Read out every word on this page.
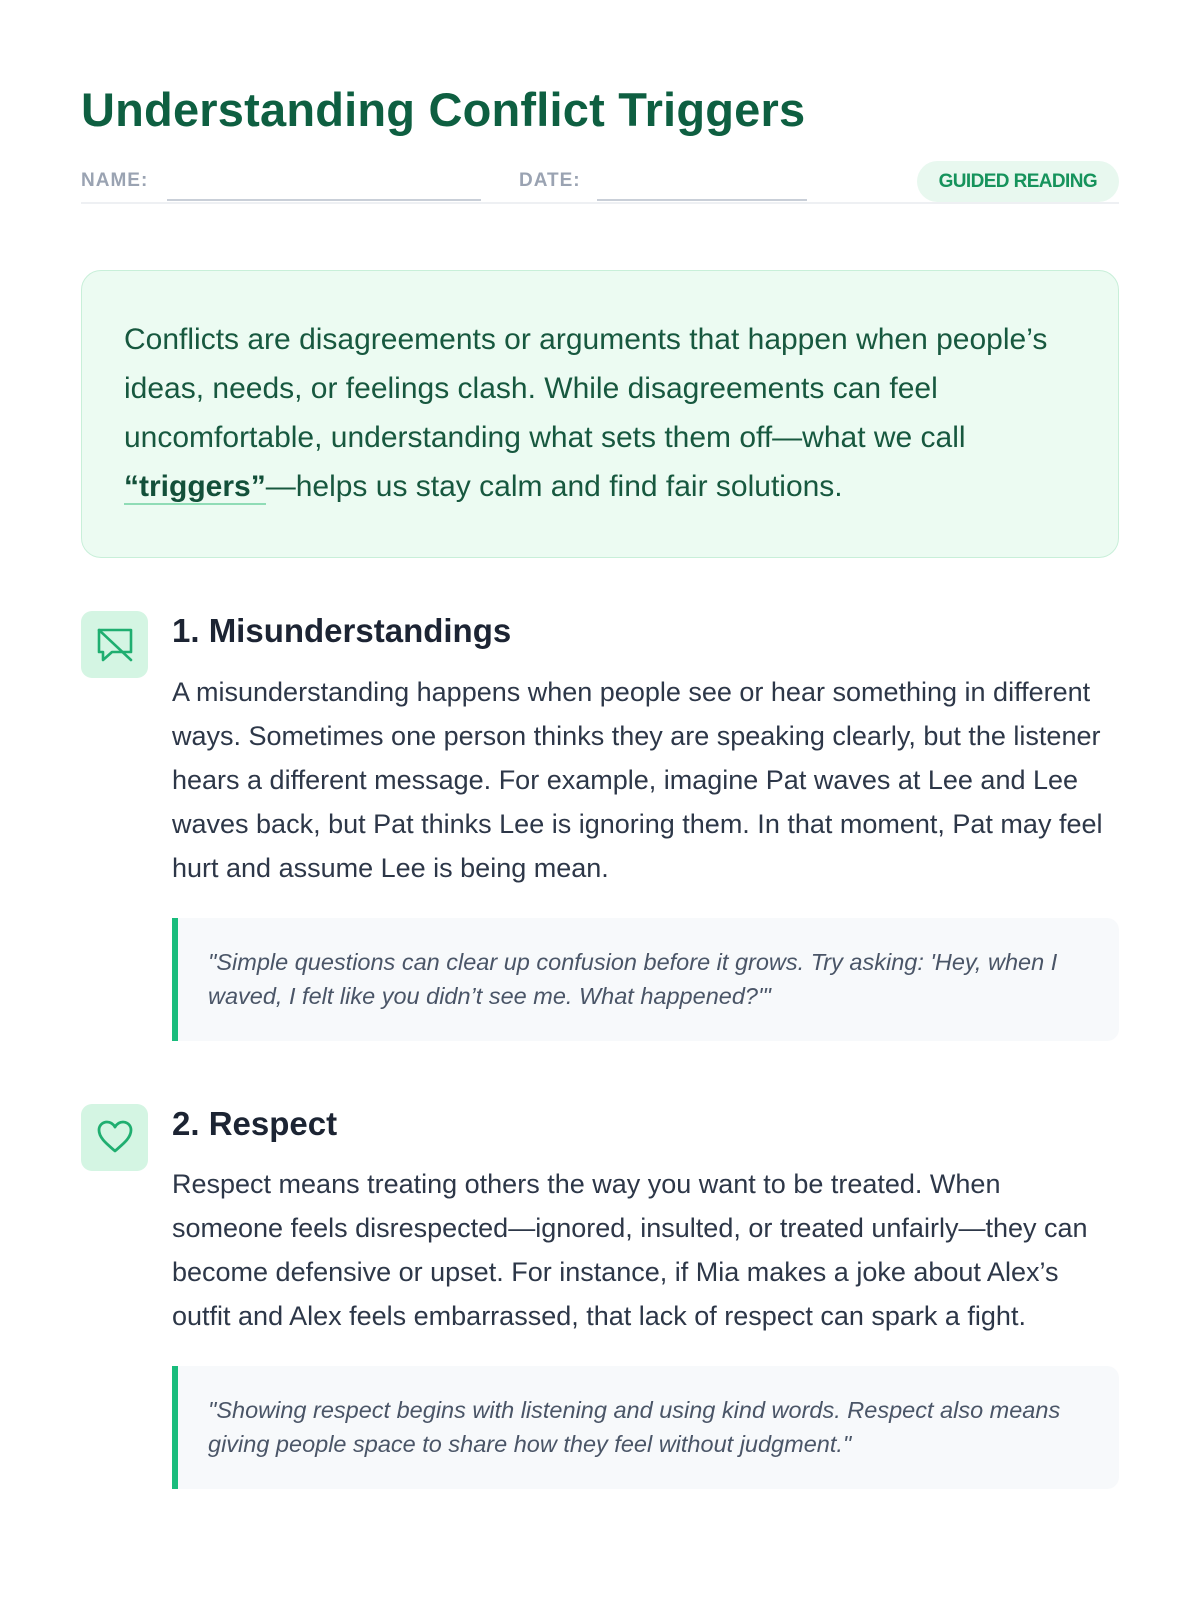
Understanding Conflict Triggers
NAME:	DATE:	GUIDED READING
Conflicts are disagreements or arguments that happen when people’s ideas, needs, or feelings clash. While disagreements can feel uncomfortable, understanding what sets them off—what we call “triggers”—helps us stay calm and find fair solutions.
1. Misunderstandings

A misunderstanding happens when people see or hear something in different ways. Sometimes one person thinks they are speaking clearly, but the listener hears a different message. For example, imagine Pat waves at Lee and Lee waves back, but Pat thinks Lee is ignoring them. In that moment, Pat may feel hurt and assume Lee is being mean.

"Simple questions can clear up confusion before it grows. Try asking: 'Hey, when I waved, I felt like you didn’t see me. What happened?'"
2. Respect

Respect means treating others the way you want to be treated. When someone feels disrespected—ignored, insulted, or treated unfairly—they can become defensive or upset. For instance, if Mia makes a joke about Alex’s outfit and Alex feels embarrassed, that lack of respect can spark a fight.

"Showing respect begins with listening and using kind words. Respect also means giving people space to share how they feel without judgment."
